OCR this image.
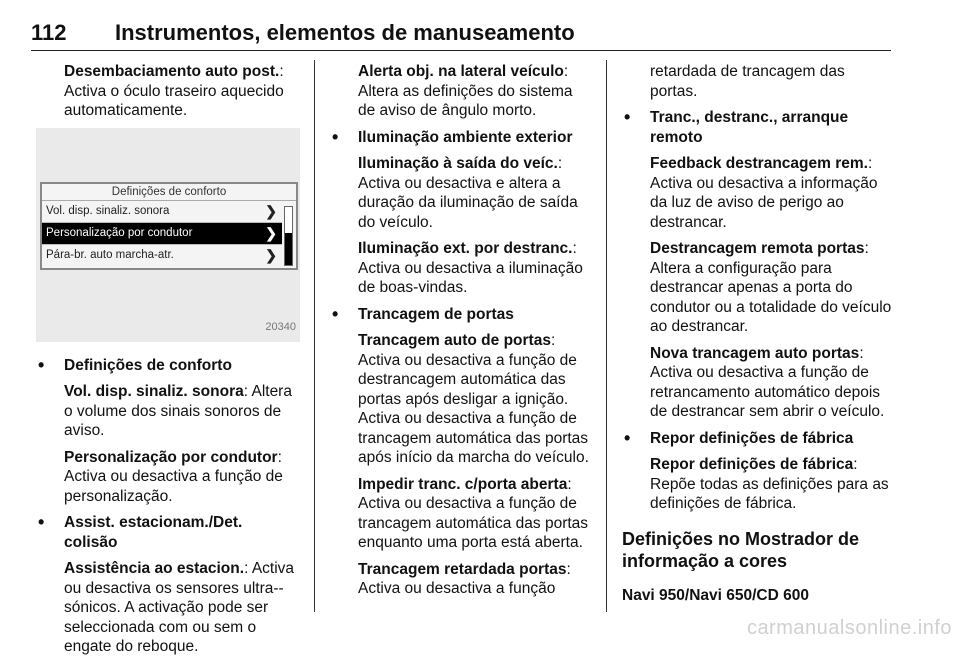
112 Instrumentos, elementos de manuseamento

Desembaciamento auto post.: Activa o óculo traseiro aquecido automaticamente.

Definições de conforto
Vol. disp. sinaliz. sonora	❯
Personalização por condutor	❯
Pára-br. auto marcha-atr.	❯
20340
• Definições de conforto

Vol. disp. sinaliz. sonora: Altera o volume dos sinais sonoros de aviso.

Personalização por condutor: Activa ou desactiva a função de personalização.

• Assist. estacionam./Det. colisão

Assistência ao estacion.: Activa ou desactiva os sensores ultra--sónicos. A activação pode ser seleccionada com ou sem o engate do reboque.

Alerta obj. na lateral veículo: Altera as definições do sistema de aviso de ângulo morto.

• Iluminação ambiente exterior

Iluminação à saída do veíc.: Activa ou desactiva e altera a duração da iluminação de saída do veículo.

Iluminação ext. por destranc.: Activa ou desactiva a iluminação de boas-vindas.

• Trancagem de portas

Trancagem auto de portas: Activa ou desactiva a função de destrancagem automática das portas após desligar a ignição. Activa ou desactiva a função de trancagem automática das portas após início da marcha do veículo.

Impedir tranc. c/porta aberta: Activa ou desactiva a função de trancagem automática das portas enquanto uma porta está aberta.

Trancagem retardada portas: Activa ou desactiva a função

retardada de trancagem das portas.

• Tranc., destranc., arranque remoto

Feedback destrancagem rem.: Activa ou desactiva a informação da luz de aviso de perigo ao destrancar.

Destrancagem remota portas: Altera a configuração para destrancar apenas a porta do condutor ou a totalidade do veículo ao destrancar.

Nova trancagem auto portas: Activa ou desactiva a função de retrancamento automático depois de destrancar sem abrir o veículo.

• Repor definições de fábrica

Repor definições de fábrica: Repõe todas as definições para as definições de fábrica.

Definições no Mostrador de informação a cores
Navi 950/Navi 650/CD 600
carmanualsonline.info
